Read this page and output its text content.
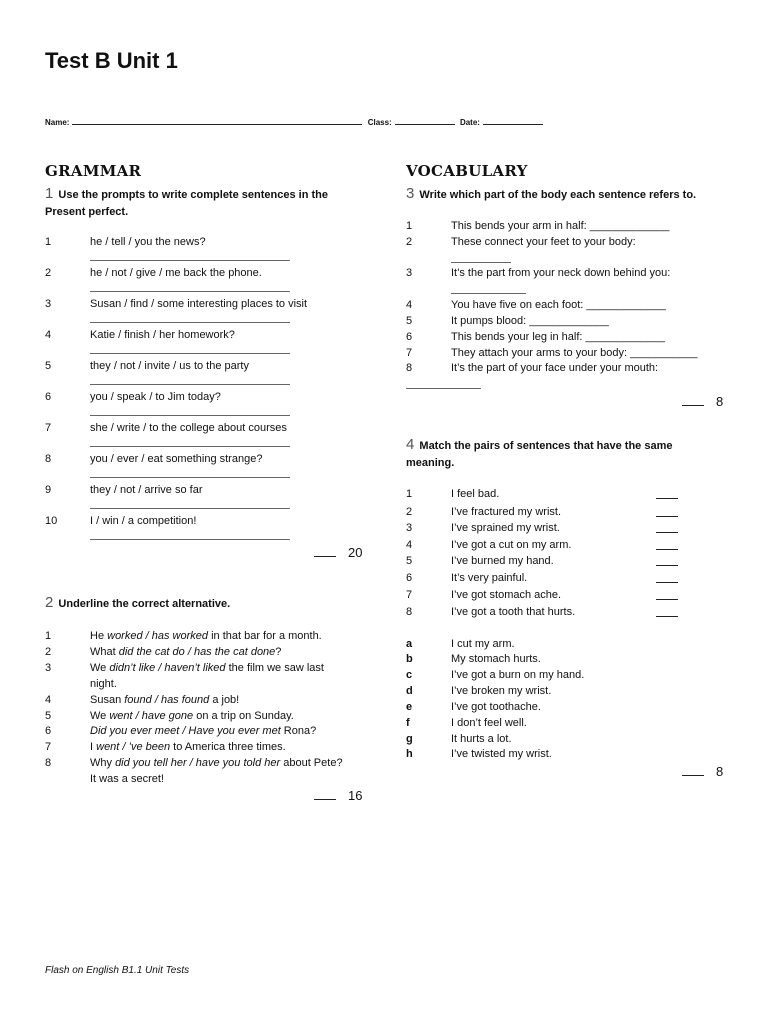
Test B Unit 1
Name:	Class:	Date:
GRAMMAR
1 Use the prompts to write complete sentences in the Present perfect.
1	he / tell / you the news?
2	he / not / give / me back the phone.
3	Susan / find / some interesting places to visit
4	Katie / finish / her homework?
5	they / not / invite / us to the party
6	you / speak / to Jim today?
7	she / write / to the college about courses
8	you / ever / eat something strange?
9	they / not / arrive so far
10	I / win / a competition!
20
2 Underline the correct alternative.
1	He worked / has worked in that bar for a month.
2	What did the cat do / has the cat done?
3	We didn’t like / haven’t liked the film we saw last
night.
4	Susan found / has found a job!
5	We went / have gone on a trip on Sunday.
6	Did you ever meet / Have you ever met Rona?
7	I went / ’ve been to America three times.
8	Why did you tell her / have you told her about Pete?
It was a secret!
16
VOCABULARY
3 Write which part of the body each sentence refers to.
1	This bends your arm in half: _____________
2	These connect your feet to your body:
3	It’s the part from your neck down behind you:
4	You have five on each foot: _____________
5	It pumps blood: _____________
6	This bends your leg in half: _____________
7	They attach your arms to your body: ___________
8	It’s the part of your face under your mouth:
8
4 Match the pairs of sentences that have the same meaning.
1	I feel bad.
2	I’ve fractured my wrist.
3	I’ve sprained my wrist.
4	I’ve got a cut on my arm.
5	I’ve burned my hand.
6	It’s very painful.
7	I’ve got stomach ache.
8	I’ve got a tooth that hurts.
a	I cut my arm.
b	My stomach hurts.
c	I’ve got a burn on my hand.
d	I’ve broken my wrist.
e	I’ve got toothache.
f	I don’t feel well.
g	It hurts a lot.
h	I’ve twisted my wrist.
8
Flash on English B1.1 Unit Tests
